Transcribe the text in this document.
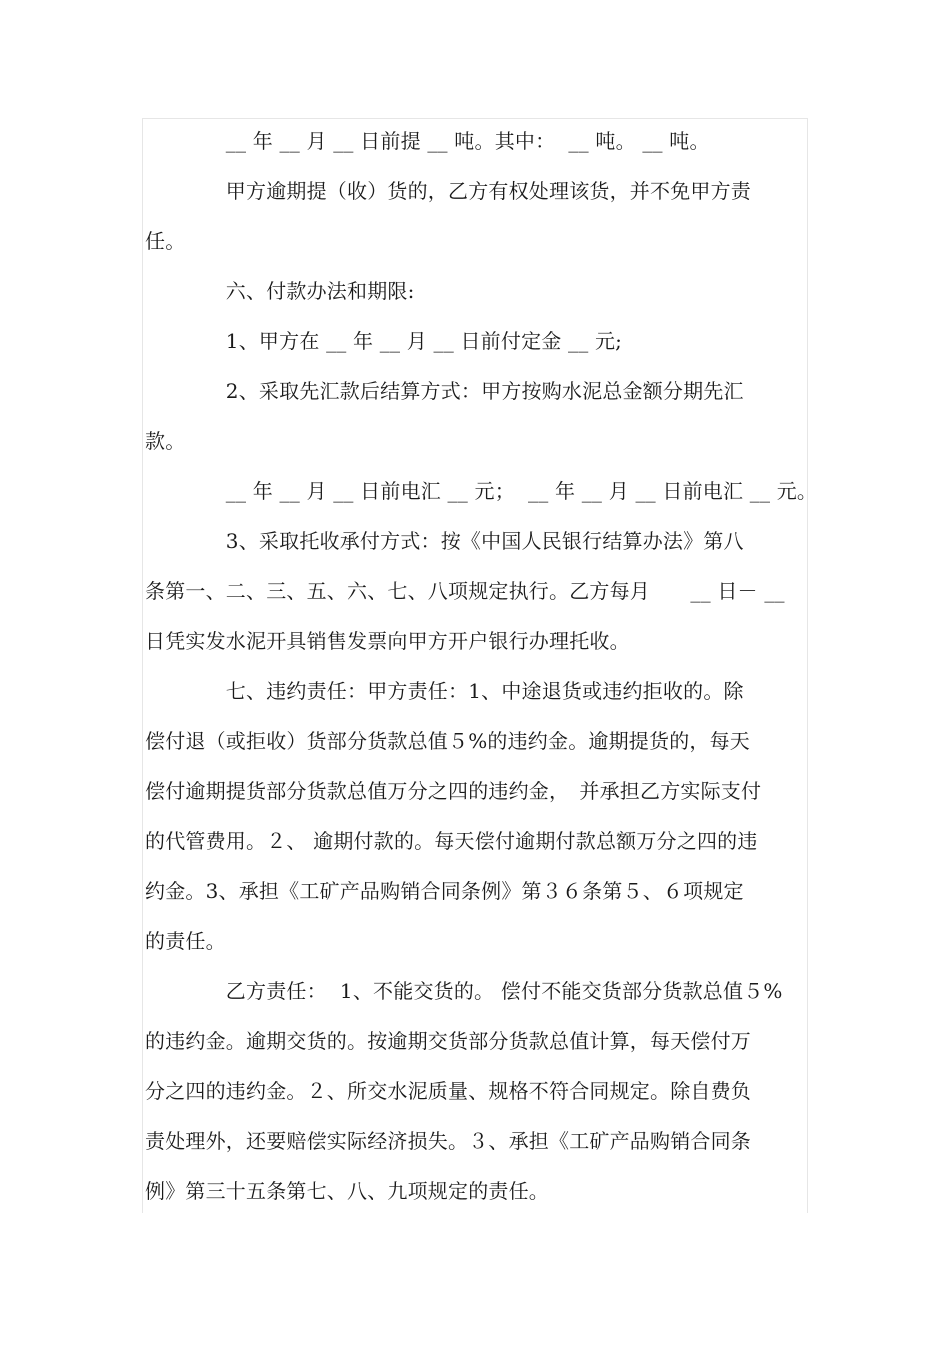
　　　　__ 年 __ 月 __ 日前提 __ 吨。其中：  __ 吨。 __ 吨。
　　　　甲方逾期提（收）货的，乙方有权处理该货，并不免甲方责
任。
　　　　六、付款办法和期限:
　　　　1、甲方在 __ 年 __ 月 __ 日前付定金 __ 元;
　　　　2、采取先汇款后结算方式：甲方按购水泥总金额分期先汇
款。
　　　　__ 年 __ 月 __ 日前电汇 __ 元；  __ 年 __ 月 __ 日前电汇 __ 元。
　　　　3、采取托收承付方式：按《中国人民银行结算办法》第八
条第一、二、三、五、六、七、八项规定执行。乙方每月　　__ 日－ __
日凭实发水泥开具销售发票向甲方开户银行办理托收。
　　　　七、违约责任：甲方责任：1、中途退货或违约拒收的。除
偿付退（或拒收）货部分货款总值５%的违约金。逾期提货的，每天
偿付逾期提货部分货款总值万分之四的违约金，　并承担乙方实际支付
的代管费用。２、 逾期付款的。每天偿付逾期付款总额万分之四的违
约金。3、承担《工矿产品购销合同条例》第３６条第５、６项规定
的责任。
　　　　乙方责任：  1、不能交货的。 偿付不能交货部分货款总值５%
的违约金。逾期交货的。按逾期交货部分货款总值计算，每天偿付万
分之四的违约金。２、所交水泥质量、规格不符合同规定。除自费负
责处理外，还要赔偿实际经济损失。３、承担《工矿产品购销合同条
例》第三十五条第七、八、九项规定的责任。
